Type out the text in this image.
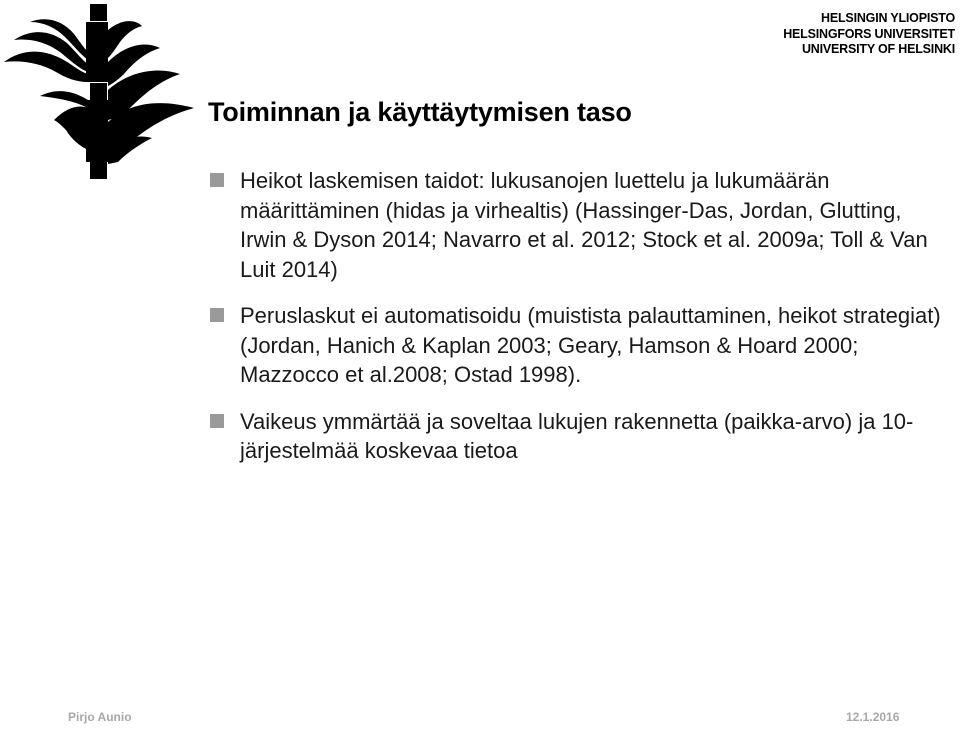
HELSINGIN YLIOPISTO
HELSINGFORS UNIVERSITET
UNIVERSITY OF HELSINKI
Toiminnan ja käyttäytymisen taso
Heikot laskemisen taidot: lukusanojen luettelu ja lukumäärän määrittäminen (hidas ja virhealtis) (Hassinger-Das, Jordan, Glutting, Irwin & Dyson 2014; Navarro et al. 2012; Stock et al. 2009a; Toll & Van Luit 2014)
Peruslaskut ei automatisoidu (muistista palauttaminen, heikot strategiat) (Jordan, Hanich & Kaplan 2003; Geary, Hamson & Hoard 2000; Mazzocco et al.2008; Ostad 1998).
Vaikeus ymmärtää ja soveltaa lukujen rakennetta (paikka-arvo) ja 10-järjestelmää koskevaa tietoa
Pirjo Aunio	12.1.2016
